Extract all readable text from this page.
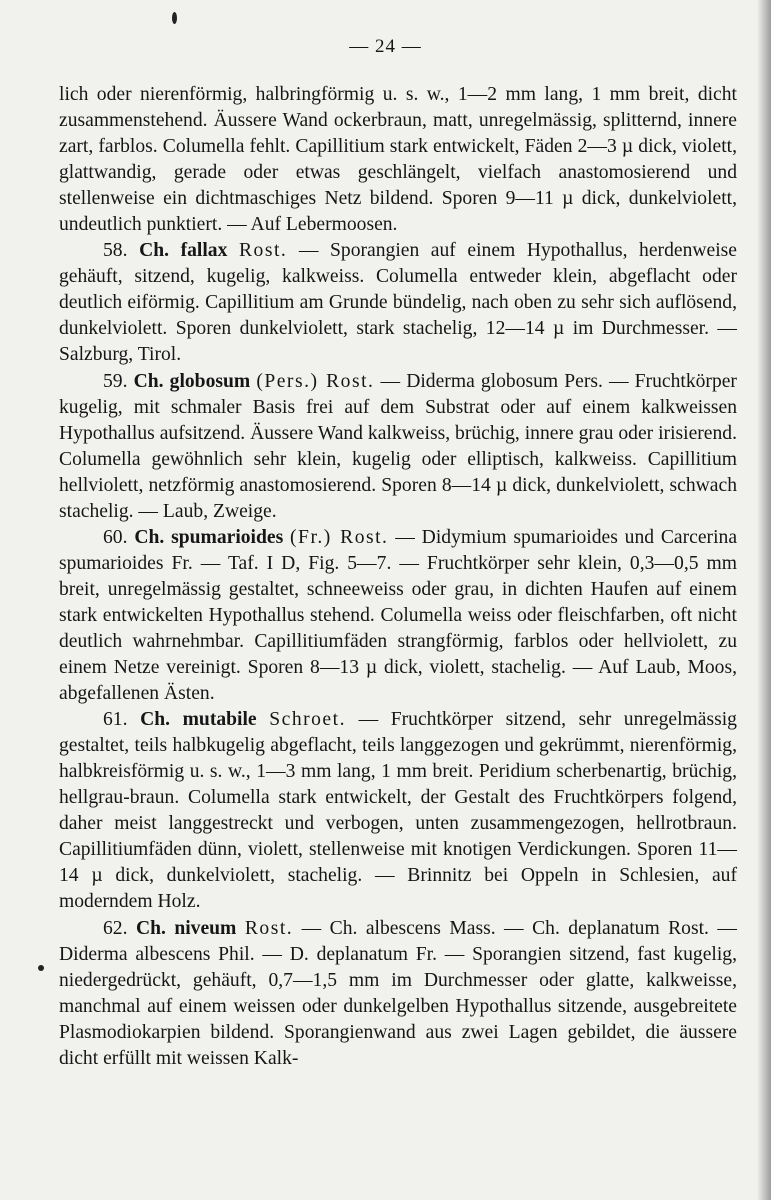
— 24 —

lich oder nierenförmig, halbringförmig u. s. w., 1—2 mm lang, 1 mm breit, dicht zusammenstehend. Äussere Wand ockerbraun, matt, unregelmässig, splitternd, innere zart, farblos. Columella fehlt. Capillitium stark entwickelt, Fäden 2—3 µ dick, violett, glattwandig, gerade oder etwas geschlängelt, vielfach anastomosierend und stellenweise ein dichtmaschiges Netz bildend. Sporen 9—11 µ dick, dunkelviolett, undeutlich punktiert. — Auf Lebermoosen.

58. Ch. fallax Rost. — Sporangien auf einem Hypothallus, herdenweise gehäuft, sitzend, kugelig, kalkweiss. Columella entweder klein, abgeflacht oder deutlich eiförmig. Capillitium am Grunde bündelig, nach oben zu sehr sich auflösend, dunkelviolett. Sporen dunkelviolett, stark stachelig, 12—14 µ im Durchmesser. — Salzburg, Tirol.

59. Ch. globosum (Pers.) Rost. — Diderma globosum Pers. — Fruchtkörper kugelig, mit schmaler Basis frei auf dem Substrat oder auf einem kalkweissen Hypothallus aufsitzend. Äussere Wand kalkweiss, brüchig, innere grau oder irisierend. Columella gewöhnlich sehr klein, kugelig oder elliptisch, kalkweiss. Capillitium hellviolett, netzförmig anastomosierend. Sporen 8—14 µ dick, dunkelviolett, schwach stachelig. — Laub, Zweige.

60. Ch. spumarioides (Fr.) Rost. — Didymium spumarioides und Carcerina spumarioides Fr. — Taf. I D, Fig. 5—7. — Fruchtkörper sehr klein, 0,3—0,5 mm breit, unregelmässig gestaltet, schneeweiss oder grau, in dichten Haufen auf einem stark entwickelten Hypothallus stehend. Columella weiss oder fleischfarben, oft nicht deutlich wahrnehmbar. Capillitiumfäden strangförmig, farblos oder hellviolett, zu einem Netze vereinigt. Sporen 8—13 µ dick, violett, stachelig. — Auf Laub, Moos, abgefallenen Ästen.

61. Ch. mutabile Schroet. — Fruchtkörper sitzend, sehr unregelmässig gestaltet, teils halbkugelig abgeflacht, teils langgezogen und gekrümmt, nierenförmig, halbkreisförmig u. s. w., 1—3 mm lang, 1 mm breit. Peridium scherbenartig, brüchig, hellgrau-braun. Columella stark entwickelt, der Gestalt des Fruchtkörpers folgend, daher meist langgestreckt und verbogen, unten zusammengezogen, hellrotbraun. Capillitiumfäden dünn, violett, stellenweise mit knotigen Verdickungen. Sporen 11—14 µ dick, dunkelviolett, stachelig. — Brinnitz bei Oppeln in Schlesien, auf moderndem Holz.

62. Ch. niveum Rost. — Ch. albescens Mass. — Ch. deplanatum Rost. — Diderma albescens Phil. — D. deplanatum Fr. — Sporangien sitzend, fast kugelig, niedergedrückt, gehäuft, 0,7—1,5 mm im Durchmesser oder glatte, kalkweisse, manchmal auf einem weissen oder dunkelgelben Hypothallus sitzende, ausgebreitete Plasmodiokarpien bildend. Sporangienwand aus zwei Lagen gebildet, die äussere dicht erfüllt mit weissen Kalk-
